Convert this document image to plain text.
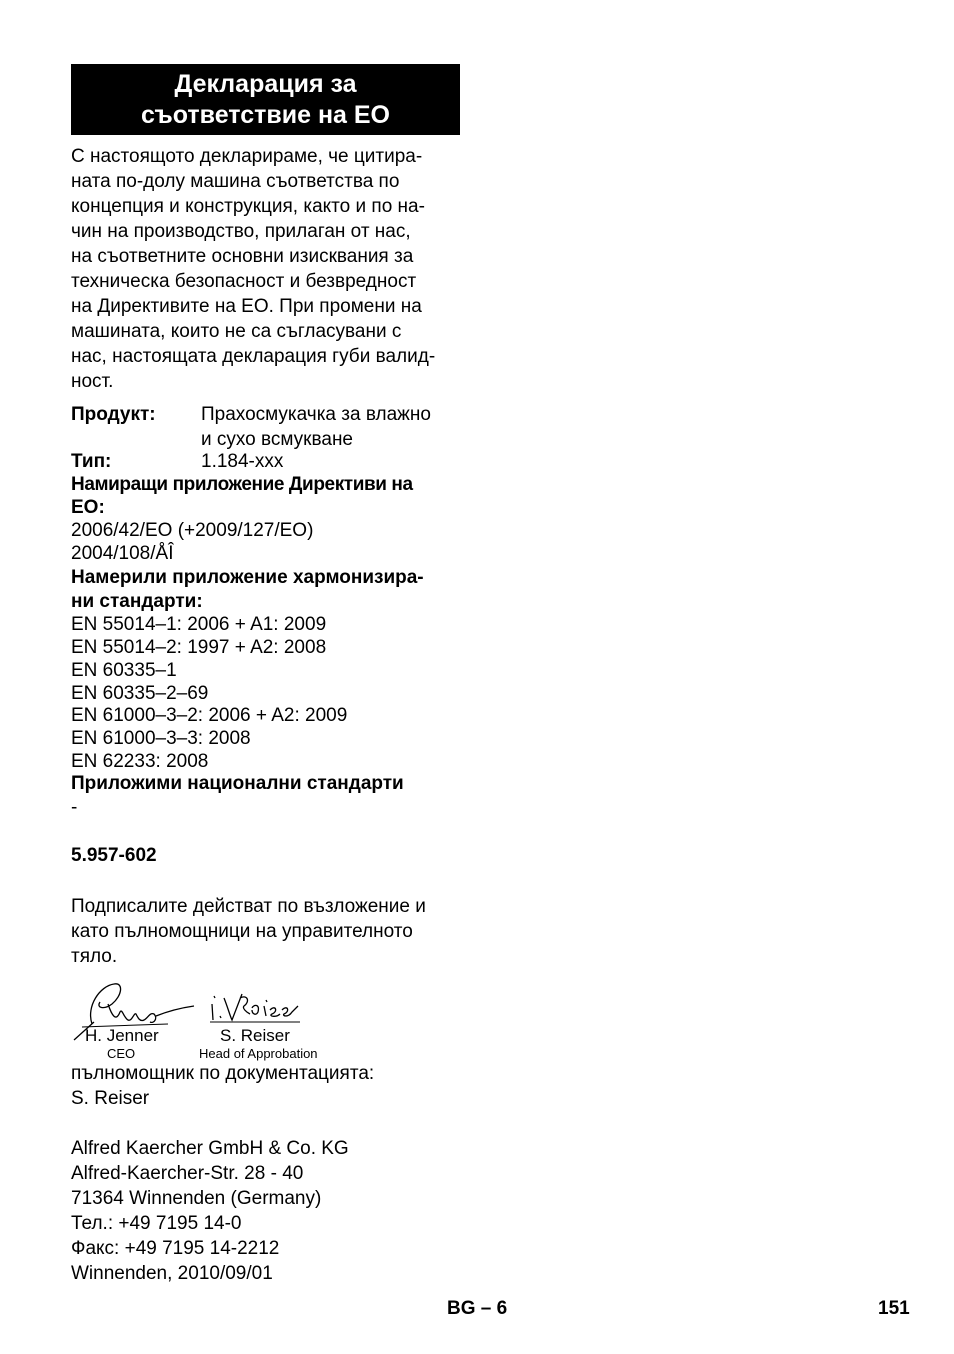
Декларация за
съответствие на ЕО
С настоящото декларираме, че цитира-
ната по-долу машина съответства по
концепция и конструкция, както и по на-
чин на производство, прилаган от нас,
на съответните основни изисквания за
техническа безопасност и безвредност
на Директивите на ЕО. При промени на
машината, които не са съгласувани с
нас, настоящата декларация губи валид-
ност.
Продукт: Прахосмукачка за влажно
и сухо всмукване
Тип:	1.184-xxx
Намиращи приложение Директиви на
ЕО:
2006/42/ЕО (+2009/127/ЕО)
2004/108/ÅÎ
Намерили приложение хармонизира-
ни стандарти:
EN 55014–1: 2006 + A1: 2009
EN 55014–2: 1997 + A2: 2008
EN 60335–1
EN 60335–2–69
EN 61000–3–2: 2006 + A2: 2009
EN 61000–3–3: 2008
EN 62233: 2008
Приложими национални стандарти
-
5.957-602
Подписалите действат по възложение и
като пълномощници на управителното
тяло.
H. Jenner	S. Reiser
CEO	Head of Approbation
пълномощник по документацията:
S. Reiser
Alfred Kaercher GmbH & Co. KG
Alfred-Kaercher-Str. 28 - 40
71364 Winnenden (Germany)
Тел.: +49 7195 14-0
Факс: +49 7195 14-2212
Winnenden, 2010/09/01
BG – 6	151
